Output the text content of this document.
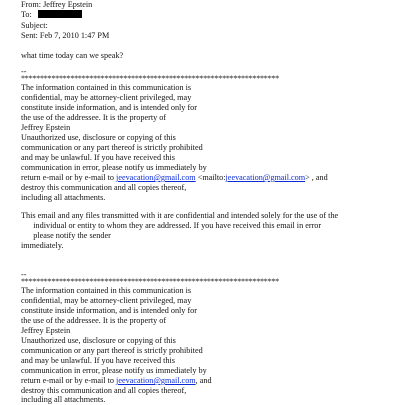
From: Jeffrey Epstein
To:
Subject:
Sent: Feb 7, 2010 1:47 PM
what time today can we speak?
--
********************************************************************
The information contained in this communication is
confidential, may be attorney-client privileged, may
constitute inside information, and is intended only for
the use of the addressee. It is the property of
Jeffrey Epstein
Unauthorized use, disclosure or copying of this
communication or any part thereof is strictly prohibited
and may be unlawful. If you have received this
communication in error, please notify us immediately by
return e-mail or by e-mail to jeevacation@gmail.com <mailto:jeevacation@gmail.com> , and
destroy this communication and all copies thereof,
including all attachments.
This email and any files transmitted with it are confidential and intended solely for the use of the
individual or entity to whom they are addressed. If you have received this email in error
please notify the sender
immediately.
--
********************************************************************
The information contained in this communication is
confidential, may be attorney-client privileged, may
constitute inside information, and is intended only for
the use of the addressee. It is the property of
Jeffrey Epstein
Unauthorized use, disclosure or copying of this
communication or any part thereof is strictly prohibited
and may be unlawful. If you have received this
communication in error, please notify us immediately by
return e-mail or by e-mail to jeevacation@gmail.com, and
destroy this communication and all copies thereof,
including all attachments.
